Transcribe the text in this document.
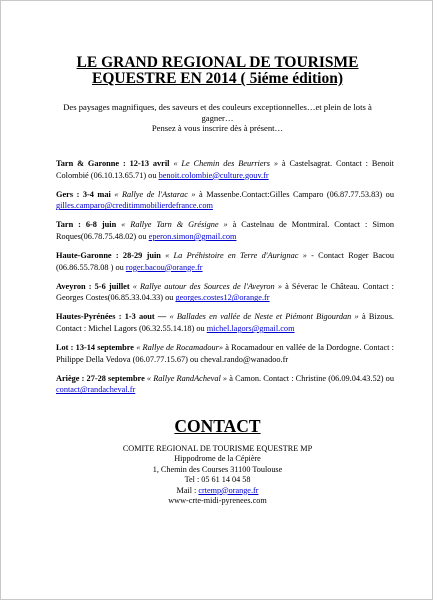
LE GRAND REGIONAL DE TOURISME
EQUESTRE EN 2014 ( 5iéme édition)
Des paysages magnifiques, des saveurs et des couleurs exceptionnelles…et plein de lots à
gagner…
Pensez à vous inscrire dès à présent…

Tarn & Garonne : 12-13 avril « Le Chemin des Beurriers » à Castelsagrat. Contact : Benoit Colombié (06.10.13.65.71) ou benoit.colombie@culture.gouv.fr

Gers : 3-4 mai « Rallye de l'Astarac » à Massenbe.Contact:Gilles Camparo (06.87.77.53.83) ou gilles.camparo@creditimmobilierdefrance.com

Tarn : 6-8 juin « Rallye Tarn & Grésigne » à Castelnau de Montmiral. Contact : Simon Roques(06.78.75.48.02) ou eperon.simon@gmail.com

Haute-Garonne : 28-29 juin « La Préhistoire en Terre d'Aurignac » - Contact Roger Bacou (06.86.55.78.08 ) ou roger.bacou@orange.fr

Aveyron : 5-6 juillet « Rallye autour des Sources de l'Aveyron » à Séverac le Château. Contact : Georges Costes(06.85.33.04.33) ou georges.costes12@orange.fr

Hautes-Pyrénées : 1-3 aout — « Ballades en vallée de Neste et Piémont Bigourdan » à Bizous. Contact : Michel Lagors (06.32.55.14.18) ou michel.lagors@gmail.com

Lot : 13-14 septembre « Rallye de Rocamadour» à Rocamadour en vallée de la Dordogne. Contact : Philippe Della Vedova (06.07.77.15.67) ou cheval.rando@wanadoo.fr

Ariège : 27-28 septembre « Rallye RandAcheval » à Camon. Contact : Christine (06.09.04.43.52) ou contact@randacheval.fr

CONTACT
COMITE REGIONAL DE TOURISME EQUESTRE MP
Hippodrome de la Cépière
1, Chemin des Courses 31100 Toulouse
Tel : 05 61 14 04 58
Mail : crtemp@orange.fr
www-crte-midi-pyrenees.com
